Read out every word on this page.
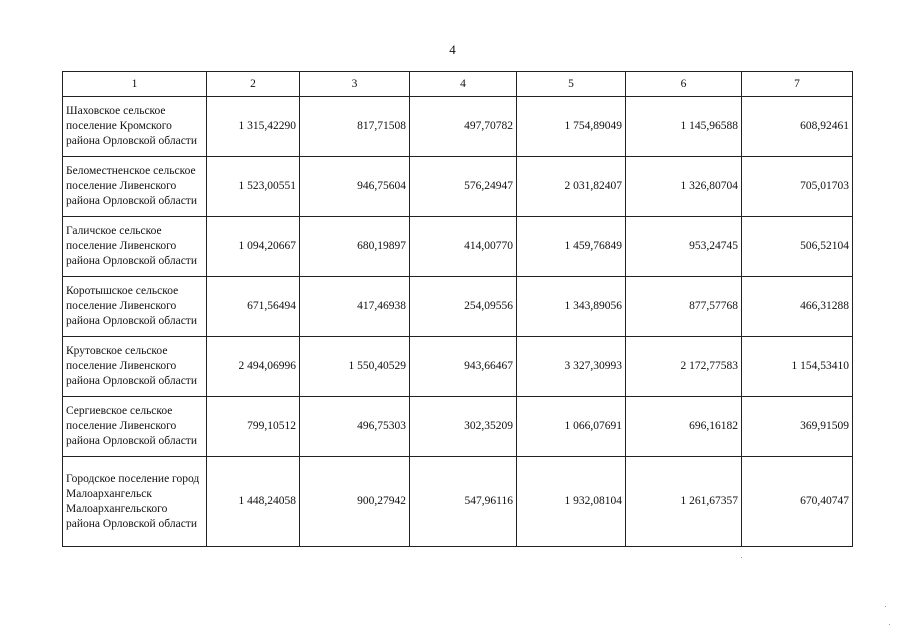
4
1	2	3	4	5	6	7
Шаховское сельское поселение Кромского района Орловской области	1 315,42290	817,71508	497,70782	1 754,89049	1 145,96588	608,92461
Беломестненское сельское поселение Ливенского района Орловской области	1 523,00551	946,75604	576,24947	2 031,82407	1 326,80704	705,01703
Галичское сельское поселение Ливенского района Орловской области	1 094,20667	680,19897	414,00770	1 459,76849	953,24745	506,52104
Коротышское сельское поселение Ливенского района Орловской области	671,56494	417,46938	254,09556	1 343,89056	877,57768	466,31288
Крутовское сельское поселение Ливенского района Орловской области	2 494,06996	1 550,40529	943,66467	3 327,30993	2 172,77583	1 154,53410
Сергиевское сельское поселение Ливенского района Орловской области	799,10512	496,75303	302,35209	1 066,07691	696,16182	369,91509
Городское поселение город Малоархангельск Малоархангельского района Орловской области	1 448,24058	900,27942	547,96116	1 932,08104	1 261,67357	670,40747
